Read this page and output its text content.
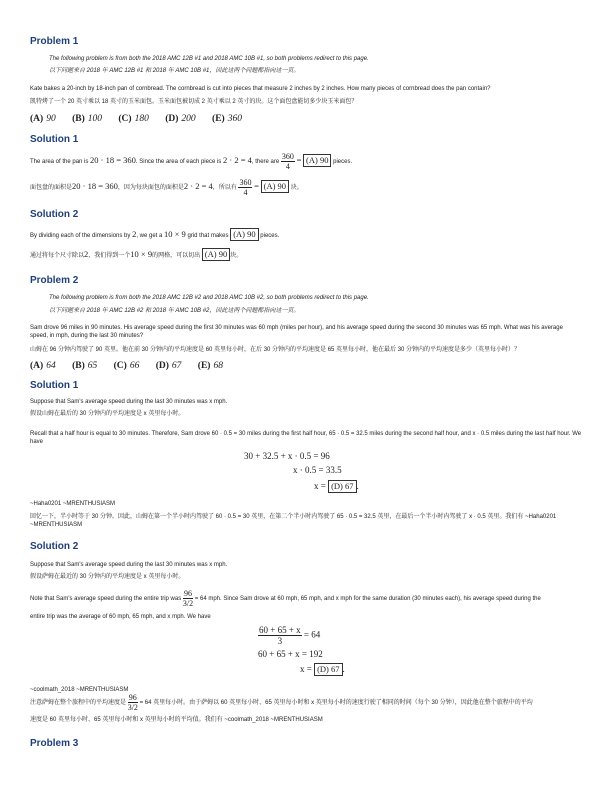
Problem 1
The following problem is from both the 2018 AMC 12B #1 and 2018 AMC 10B #1, so both problems redirect to this page.
以下问题来自 2018 年 AMC 12B #1 和 2018 年 AMC 10B #1，因此这两个问题都指向这一页。
Kate bakes a 20-inch by 18-inch pan of cornbread. The cornbread is cut into pieces that measure 2 inches by 2 inches. How many pieces of cornbread does the pan contain?
凯特烤了一个 20 英寸乘以 18 英寸的玉米面包。玉米面包被切成 2 英寸乘以 2 英寸的块。这个面包盘能切多少块玉米面包？
(A) 90 (B) 100 (C) 180 (D) 200 (E) 360
Solution 1
The area of the pan is 20 · 18 = 360. Since the area of each piece is 2 · 2 = 4, there are $\frac{360}{4} = (A)$ 90 pieces.
面包盘的面积是20 · 18 = 360，因为每块面包的面积是2 · 2 = 4，所以有 $\frac{360}{4} = (A)$ 90 块。
Solution 2
By dividing each of the dimensions by 2, we get a 10 × 9 grid that makes (A) 90 pieces.
通过将每个尺寸除以2，我们得到一个10 × 9的网格，可以切出 (A) 90 块。
Problem 2
The following problem is from both the 2018 AMC 12B #2 and 2018 AMC 10B #2, so both problems redirect to this page.
以下问题来自 2018 年 AMC 12B #2 和 2018 年 AMC 10B #2，因此这两个问题都指向这一页。
Sam drove 96 miles in 90 minutes. His average speed during the first 30 minutes was 60 mph (miles per hour), and his average speed during the second 30 minutes was 65 mph. What was his average speed, in mph, during the last 30 minutes?
山姆在 96 分钟内驾驶了 90 英里。他在前 30 分钟内的平均速度是 60 英里每小时，在后 30 分钟内的平均速度是 65 英里每小时，他在最后 30 分钟内的平均速度是多少（英里每小时）？
(A) 64 (B) 65 (C) 66 (D) 67 (E) 68
Solution 1
Suppose that Sam's average speed during the last 30 minutes was x mph.
假设山姆在最后的 30 分钟内的平均速度是 x 英里每小时。
Recall that a half hour is equal to 30 minutes. Therefore, Sam drove 60 · 0.5 = 30 miles during the first half hour, 65 · 0.5 = 32.5 miles during the second half hour, and x · 0.5 miles during the last half hour. We have
30 + 32.5 + x · 0.5 = 96
x · 0.5 = 33.5
x = (D) 67 .
~Haha0201 ~MRENTHUSIASM
回忆一下，半小时等于 30 分钟。因此，山姆在第一个半小时内驾驶了 60 · 0.5 = 30 英里，在第二个半小时内驾驶了 65 · 0.5 = 32.5 英里，在最后一个半小时内驾驶了 x · 0.5 英里。我们有 ~Haha0201 ~MRENTHUSIASM
Solution 2
Suppose that Sam's average speed during the last 30 minutes was x mph.
假设萨姆在最近的 30 分钟内的平均速度是 x 英里每小时。
Note that Sam's average speed during the entire trip was $\frac{96}{3/2} = 64$ mph. Since Sam drove at 60 mph, 65 mph, and x mph for the same duration (30 minutes each), his average speed during the
entire trip was the average of 60 mph, 65 mph, and x mph. We have
$\frac{60 + 65 + x}{3} = 64$
60 + 65 + x = 192
x = (D) 67 .
~coolmath_2018 ~MRENTHUSIASM
注意萨姆在整个旅程中的平均速度是 $\frac{96}{3/2} = 64$ 英里每小时。由于萨姆以 60 英里每小时、65 英里每小时和 x 英里每小时的速度行驶了相同的时间（每个 30 分钟），因此他在整个旅程中的平均
速度是 60 英里每小时、65 英里每小时和 x 英里每小时的平均值。我们有 ~coolmath_2018 ~MRENTHUSIASM
Problem 3
